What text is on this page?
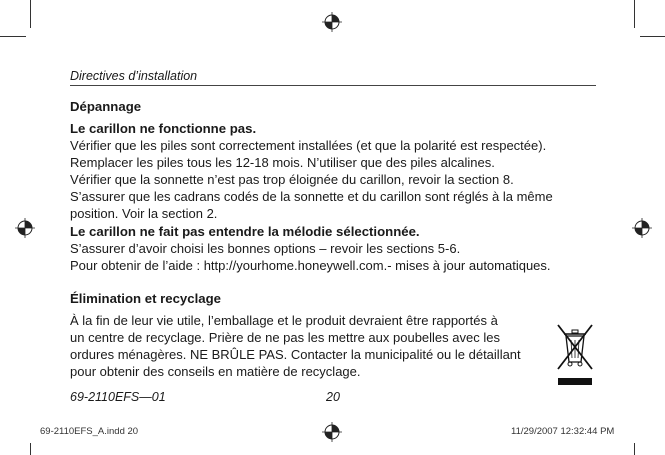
Directives d’installation
Dépannage
Le carillon ne fonctionne pas.
Vérifier que les piles sont correctement installées (et que la polarité est respectée).
Remplacer les piles tous les 12-18 mois. N’utiliser que des piles alcalines.
Vérifier que la sonnette n’est pas trop éloignée du carillon, revoir la section 8.
S’assurer que les cadrans codés de la sonnette et du carillon sont réglés à la même
position. Voir la section 2.
Le carillon ne fait pas entendre la mélodie sélectionnée.
S’assurer d’avoir choisi les bonnes options – revoir les sections 5-6.
Pour obtenir de l’aide : http://yourhome.honeywell.com.- mises à jour automatiques.
Élimination et recyclage
À la fin de leur vie utile, l’emballage et le produit devraient être rapportés à
un centre de recyclage. Prière de ne pas les mettre aux poubelles avec les
ordures ménagères. NE BRÛLE PAS. Contacter la municipalité ou le détaillant
pour obtenir des conseils en matière de recyclage.
69-2110EFS—01	20
69-2110EFS_A.indd 20	11/29/2007 12:32:44 PM
